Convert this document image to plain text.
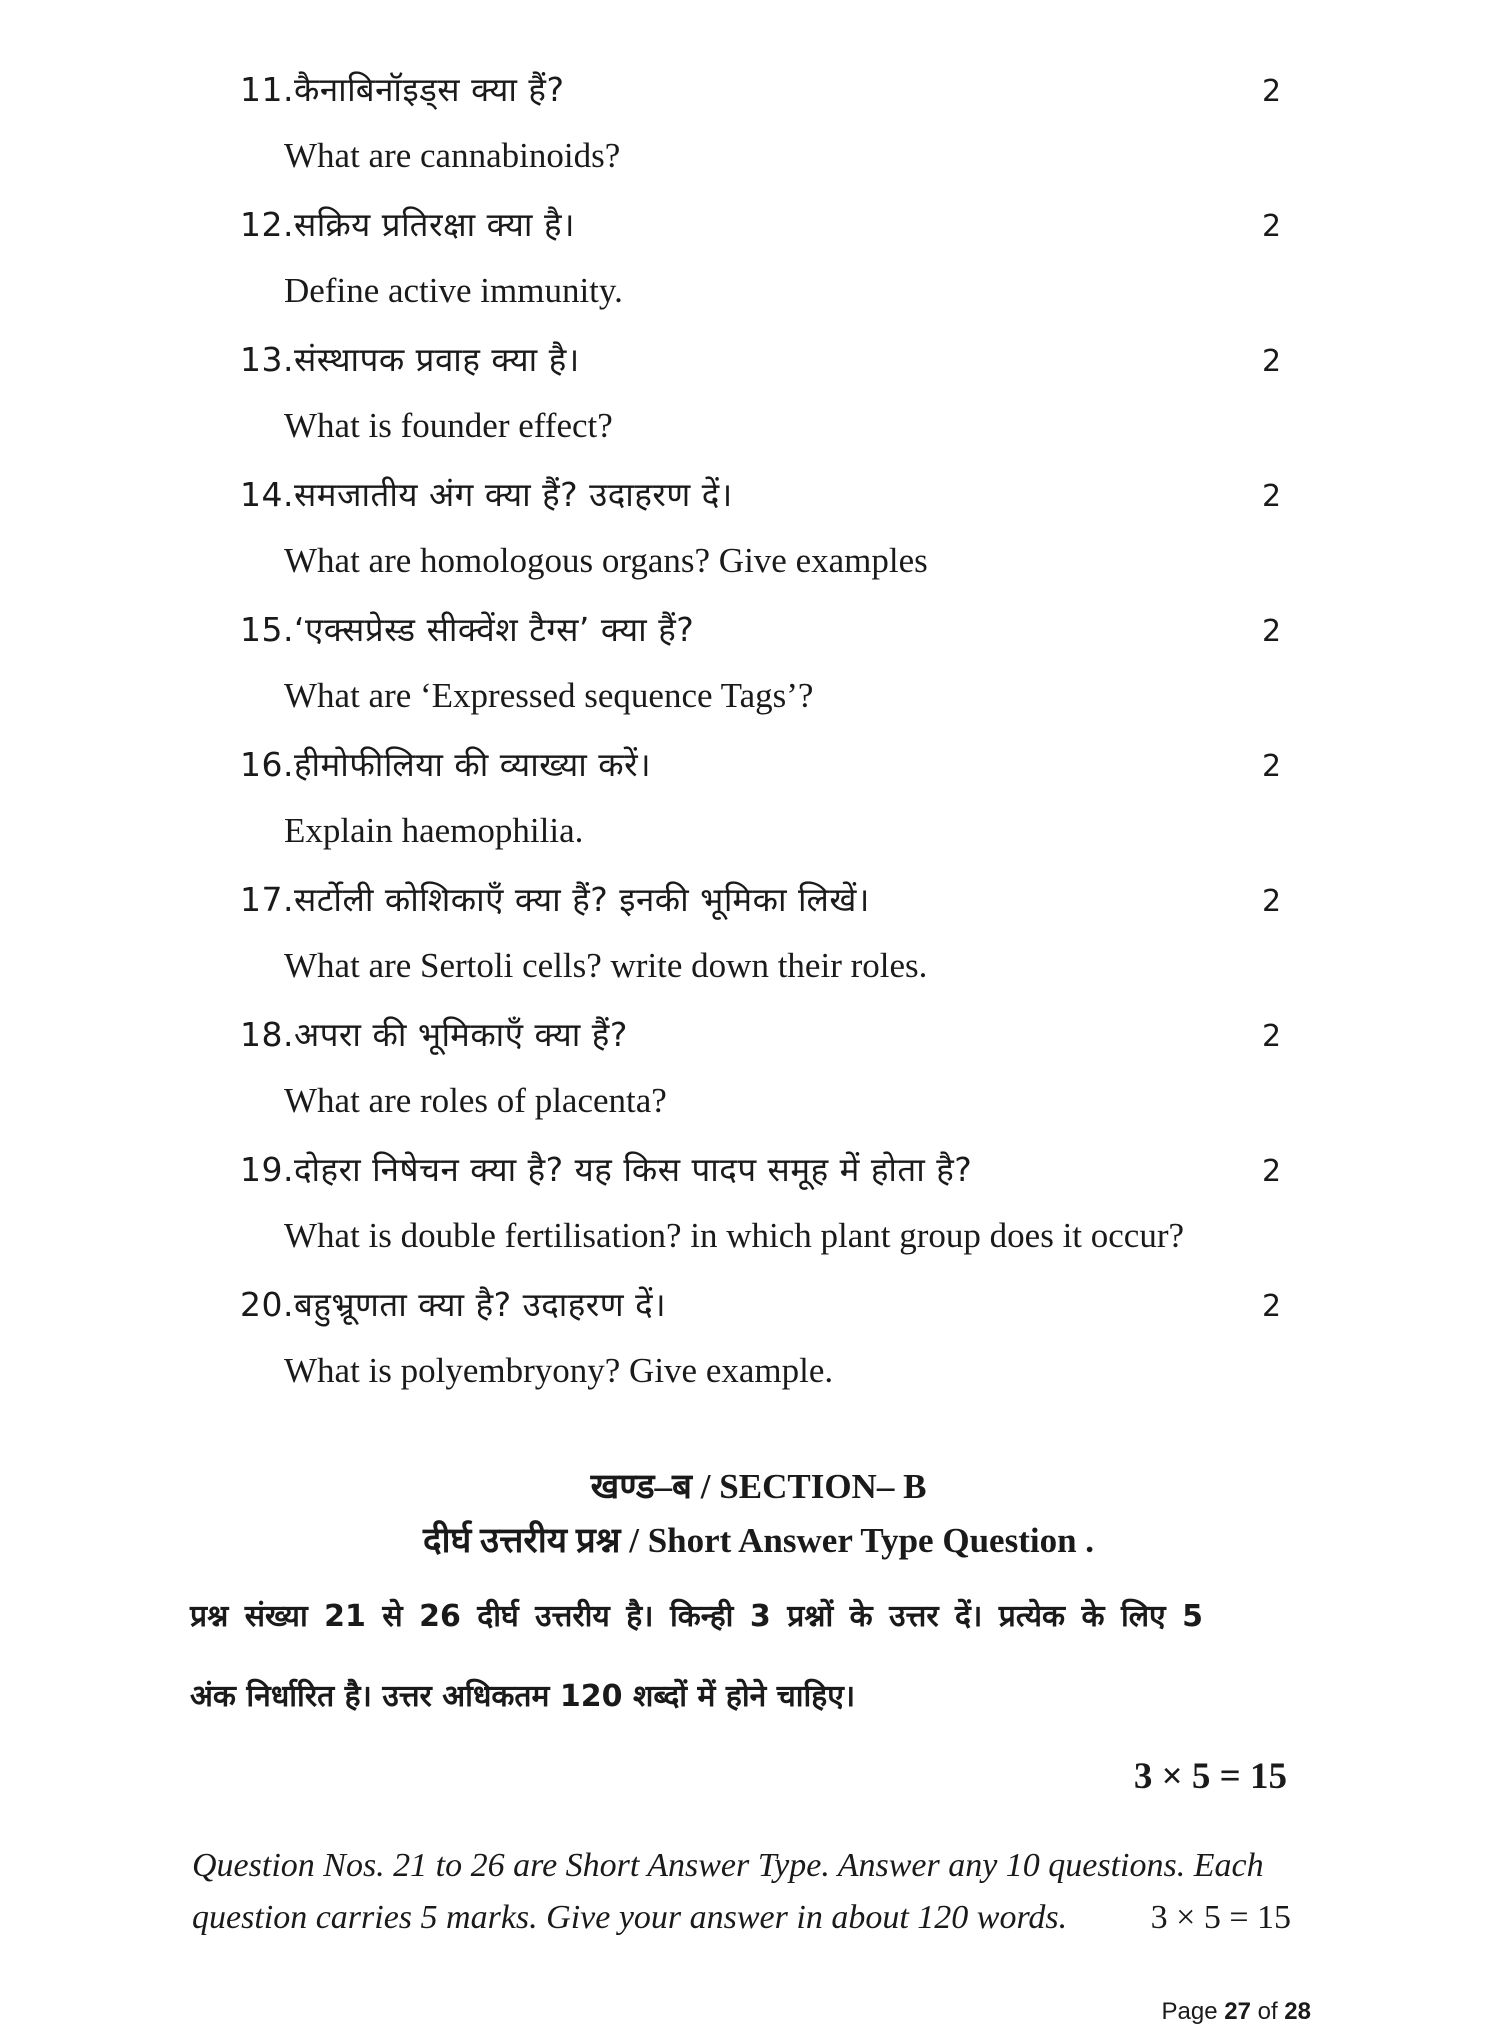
11.कैनाबिनॉइड्स क्या हैं?	2
What are cannabinoids?
12.सक्रिय प्रतिरक्षा क्या है।	2
Define active immunity.
13.संस्थापक प्रवाह क्या है।	2
What is founder effect?
14.समजातीय अंग क्या हैं? उदाहरण दें।	2
What are homologous organs? Give examples
15.‘एक्सप्रेस्ड सीक्वेंश टैग्स’ क्या हैं?	2
What are ‘Expressed sequence Tags’?
16.हीमोफीलिया की व्याख्या करें।	2
Explain haemophilia.
17.सर्टोली कोशिकाएँ क्या हैं? इनकी भूमिका लिखें।	2
What are Sertoli cells? write down their roles.
18.अपरा की भूमिकाएँ क्या हैं?	2
What are roles of placenta?
19.दोहरा निषेचन क्या है? यह किस पादप समूह में होता है?	2
What is double fertilisation? in which plant group does it occur?
20.बहुभ्रूणता क्या है? उदाहरण दें।	2
What is polyembryony? Give example.
खण्ड–ब / SECTION– B
दीर्घ उत्तरीय प्रश्न / Short Answer Type Question .
प्रश्न संख्या 21 से 26 दीर्घ उत्तरीय है। किन्ही 3 प्रश्नों के उत्तर दें। प्रत्येक के लिए 5
अंक निर्धारित है। उत्तर अधिकतम 120 शब्दों में होने चाहिए।
3 × 5 = 15
Question Nos. 21 to 26 are Short Answer Type. Answer any 10 questions. Each
question carries 5 marks. Give your answer in about 120 words. 3 × 5 = 15
Page 27 of 28
